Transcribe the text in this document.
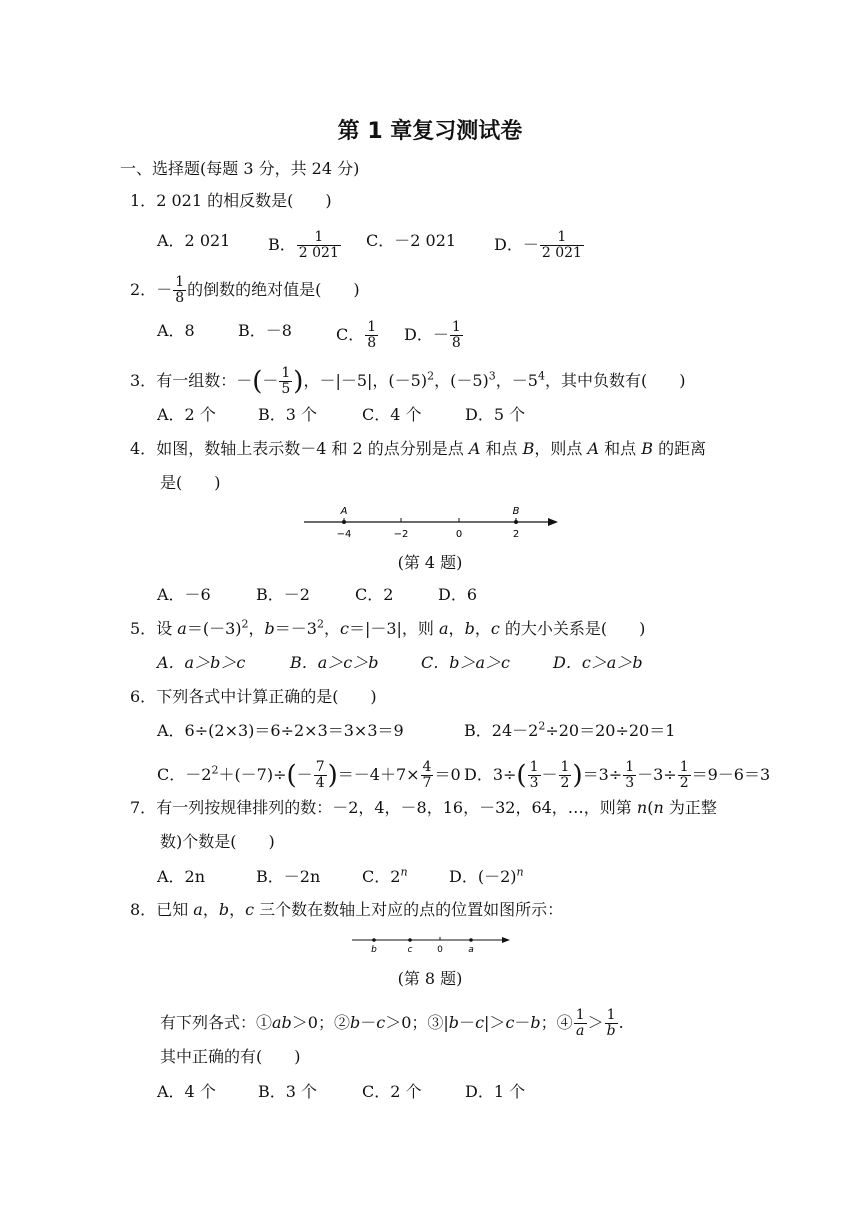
第 1 章复习测试卷
一、选择题(每题 3 分，共 24 分)
1．2 021 的相反数是(　　)
A．2 021 B． $\frac{1}{2 021}$ C．－2 021 D．－ $\frac{1}{2 021}$
2．－ $\frac{1}{8}$ 的倒数的绝对值是(　　)
A．8	B．－8	C． $\frac{1}{8}$ D．－ $\frac{1}{8}$
3．有一组数：－(－ $\frac{1}{5}$ )，－|－5|，$(-5)^2$，$(-5)^3$，$-5^4$，其中负数有(　　)
A．2 个	B．3 个	C．4 个	D．5 个
4．如图，数轴上表示数－4 和 2 的点分别是点 A 和点 B，则点 A 和点 B 的距离
是(　　)
A	B
−4	−2	0	2
(第 4 题)
A．－6	B．－2	C．2	D．6
5．设 $a=(-3)^2$，$b=-3^2$，c＝|－3|，则 a，b，c 的大小关系是(　　)
A．a＞b＞c	B．a＞c＞b	C．b＞a＞c	D．c＞a＞b
6．下列各式中计算正确的是(　　)
A．6÷(2×3)＝6÷2×3＝3×3＝9	B．$24-2^2\div 20=20\div 20=1$
C．$-2^2+(-7)\div(- \frac{7}{4} )=-4+7\times \frac{4}{7} =0$ D．$3\div( \frac{1}{3} - \frac{1}{2} )=3\div \frac{1}{3} -3\div \frac{1}{2} =9-6=3$
7．有一列按规律排列的数：－2，4，－8，16，－32，64，…，则第 n(n 为正整
数)个数是(　　)
A．2n	B．－2n	C．2$^n$	D．$(-2)^n$
8．已知 a，b，c 三个数在数轴上对应的点的位置如图所示：
b	c	0	a
(第 8 题)
有下列各式：①ab＞0；②b－c＞0；③|b－c|＞c－b；④ $\frac{1}{a} > \frac{1}{b}$ .
其中正确的有(　　)
A．4 个	B．3 个	C．2 个	D．1 个
